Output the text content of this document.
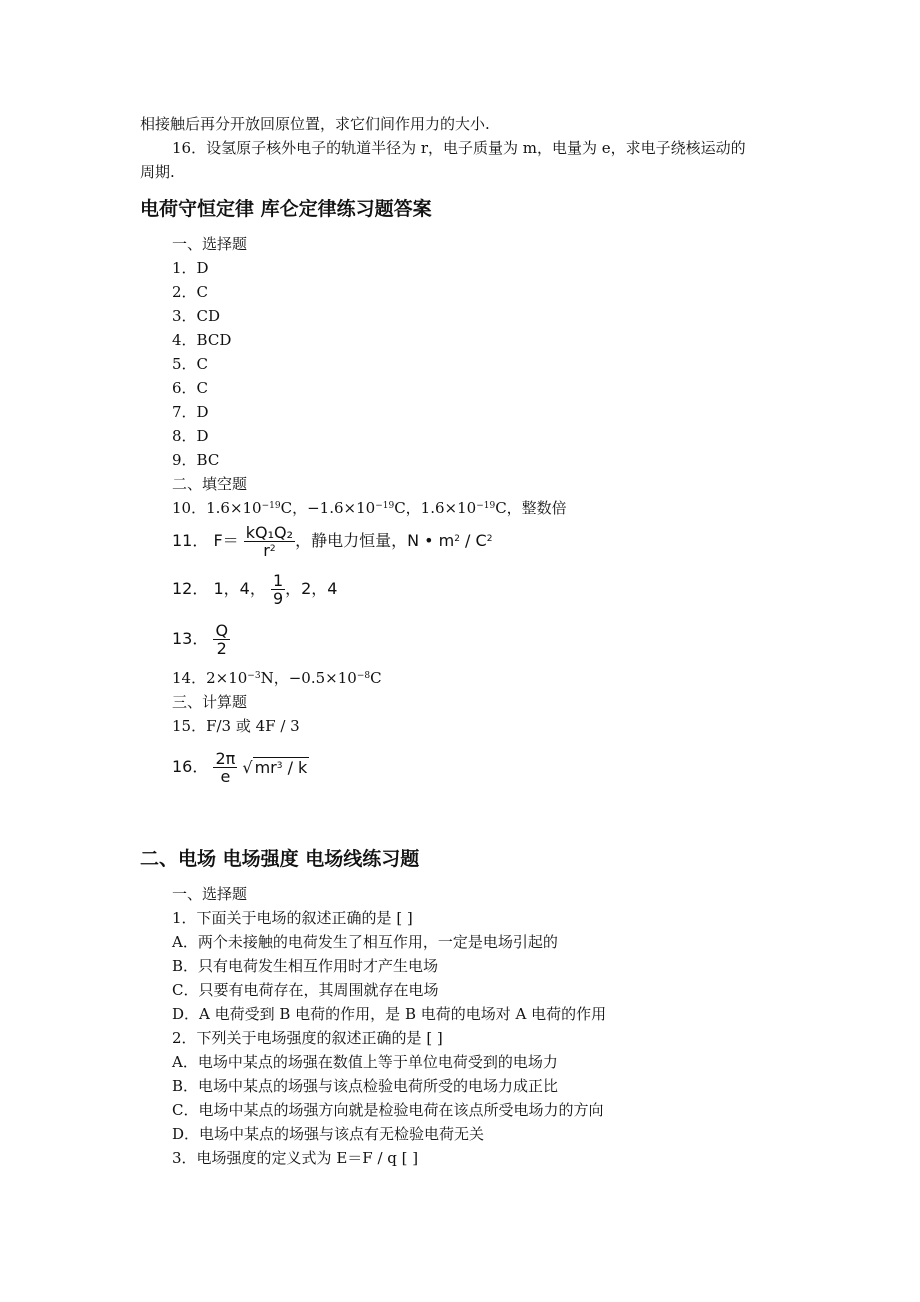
相接触后再分开放回原位置，求它们间作用力的大小.
16．设氢原子核外电子的轨道半径为 r，电子质量为 m，电量为 e，求电子绕核运动的
周期.
电荷守恒定律 库仑定律练习题答案
一、选择题
1．D
2．C
3．CD
4．BCD
5．C
6．C
7．D
8．D
9．BC
二、填空题
10．$1.6\times 10^{-19}C$，$-1.6\times 10^{-19}C$，$1.6\times 10^{-19}C$，整数倍
11． $F= \frac{\text{kQ₁Q₂}}{r^2}$ ，静电力恒量，N • $m^2 / C^2$
12． 1，4， $\frac{1}{9}$ ，2，4
13． $\frac{Q}{2}$
14．$2\times 10^{-3}N$，$-0.5\times 10^{-8}C$
三、计算题
15．F/3 或 4F / 3
16． $\frac{2\pi}{e}$ √ $mr^3$ / k
二、电场 电场强度 电场线练习题
一、选择题
1．下面关于电场的叙述正确的是 [ ]
A．两个未接触的电荷发生了相互作用，一定是电场引起的
B．只有电荷发生相互作用时才产生电场
C．只要有电荷存在，其周围就存在电场
D．A 电荷受到 B 电荷的作用，是 B 电荷的电场对 A 电荷的作用
2．下列关于电场强度的叙述正确的是 [ ]
A．电场中某点的场强在数值上等于单位电荷受到的电场力
B．电场中某点的场强与该点检验电荷所受的电场力成正比
C．电场中某点的场强方向就是检验电荷在该点所受电场力的方向
D．电场中某点的场强与该点有无检验电荷无关
3．电场强度的定义式为 E＝F / q [ ]
